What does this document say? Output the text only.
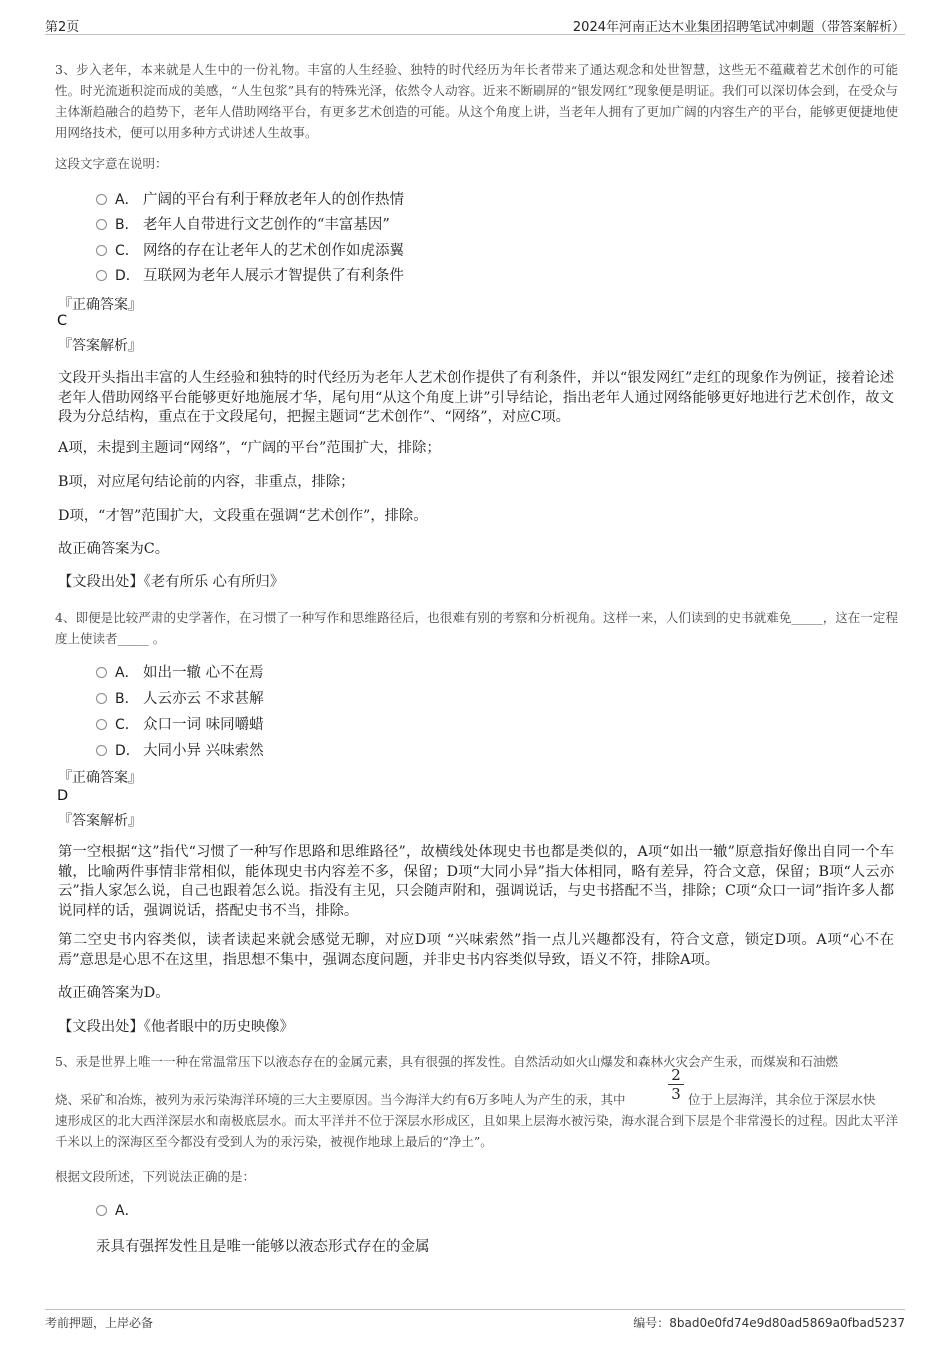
第2页	2024年河南正达木业集团招聘笔试冲刺题（带答案解析）
3、步入老年，本来就是人生中的一份礼物。丰富的人生经验、独特的时代经历为年长者带来了通达观念和处世智慧，这些无不蕴藏着艺术创作的可能性。时光流逝积淀而成的美感，“人生包浆”具有的特殊光泽，依然令人动容。近来不断刷屏的“银发网红”现象便是明证。我们可以深切体会到，在受众与主体渐趋融合的趋势下，老年人借助网络平台，有更多艺术创造的可能。从这个角度上讲，当老年人拥有了更加广阔的内容生产的平台，能够更便捷地使用网络技术，便可以用多种方式讲述人生故事。
这段文字意在说明：
A． 广阔的平台有利于释放老年人的创作热情
B． 老年人自带进行文艺创作的“丰富基因”
C． 网络的存在让老年人的艺术创作如虎添翼
D． 互联网为老年人展示才智提供了有利条件
『正确答案』
C
『答案解析』
文段开头指出丰富的人生经验和独特的时代经历为老年人艺术创作提供了有利条件，并以“银发网红”走红的现象作为例证，接着论述老年人借助网络平台能够更好地施展才华，尾句用“从这个角度上讲”引导结论，指出老年人通过网络能够更好地进行艺术创作，故文段为分总结构，重点在于文段尾句，把握主题词“艺术创作”、“网络”，对应C项。
A项，未提到主题词“网络”，“广阔的平台”范围扩大，排除；
B项，对应尾句结论前的内容，非重点，排除；
D项，“才智”范围扩大，文段重在强调“艺术创作”，排除。
故正确答案为C。
【文段出处】《老有所乐 心有所归》
4、即便是比较严肃的史学著作，在习惯了一种写作和思维路径后，也很难有别的考察和分析视角。这样一来，人们读到的史书就难免_____，这在一定程度上使读者_____ 。
A． 如出一辙 心不在焉
B． 人云亦云 不求甚解
C． 众口一词 味同嚼蜡
D． 大同小异 兴味索然
『正确答案』
D
『答案解析』
第一空根据“这”指代“习惯了一种写作思路和思维路径”，故横线处体现史书也都是类似的，A项“如出一辙”原意指好像出自同一个车辙，比喻两件事情非常相似，能体现史书内容差不多，保留；D项“大同小异”指大体相同，略有差异，符合文意，保留；B项“人云亦云”指人家怎么说，自己也跟着怎么说。指没有主见，只会随声附和，强调说话，与史书搭配不当，排除；C项“众口一词”指许多人都说同样的话，强调说话，搭配史书不当，排除。
第二空史书内容类似，读者读起来就会感觉无聊，对应D项 “兴味索然”指一点儿兴趣都没有，符合文意，锁定D项。A项“心不在焉”意思是心思不在这里，指思想不集中，强调态度问题，并非史书内容类似导致，语义不符，排除A项。
故正确答案为D。
【文段出处】《他者眼中的历史映像》
5、汞是世界上唯一一种在常温常压下以液态存在的金属元素，具有很强的挥发性。自然活动如火山爆发和森林火灾会产生汞，而煤炭和石油燃
2
3
烧、采矿和冶炼，被列为汞污染海洋环境的三大主要原因。当今海洋大约有6万多吨人为产生的汞，其中	位于上层海洋，其余位于深层水快
速形成区的北大西洋深层水和南极底层水。而太平洋并不位于深层水形成区，且如果上层海水被污染，海水混合到下层是个非常漫长的过程。因此太平洋千米以上的深海区至今都没有受到人为的汞污染，被视作地球上最后的“净土”。
根据文段所述，下列说法正确的是：
A．
汞具有强挥发性且是唯一能够以液态形式存在的金属
考前押题，上岸必备	编号：8bad0e0fd74e9d80ad5869a0fbad5237
